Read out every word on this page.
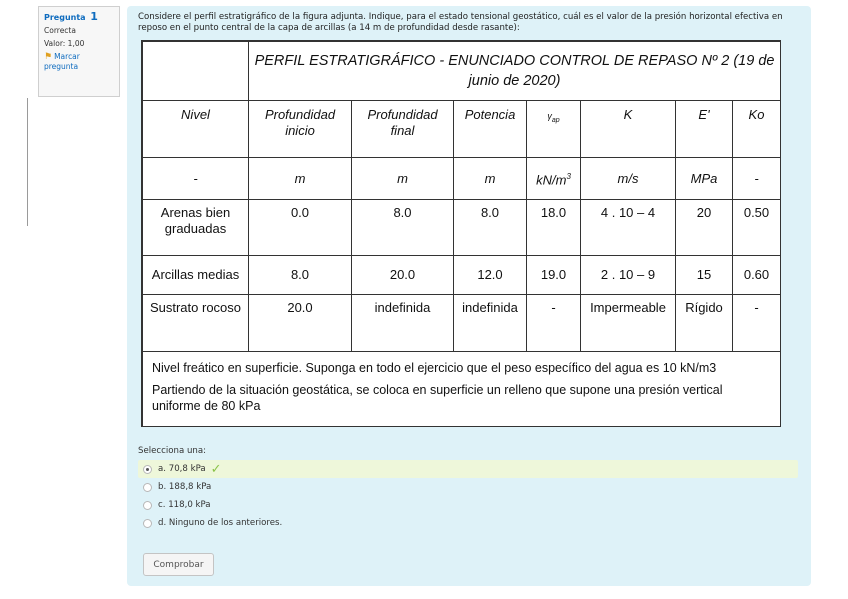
Pregunta 1
Correcta
Valor: 1,00
⚑ Marcar pregunta
Considere el perfil estratigráfico de la figura adjunta. Indique, para el estado tensional geostático, cuál es el valor de la presión horizontal efectiva en reposo en el punto central de la capa de arcillas (a 14 m de profundidad desde rasante):
	PERFIL ESTRATIGRÁFICO - ENUNCIADO CONTROL DE REPASO Nº 2 (19 de junio de 2020)						
Nivel	Profundidad inicio	Profundidad final	Potencia	$\gamma_{ap}$	K	E'	Ko
-	m	m	m	$kN/m^3$	m/s	MPa	-
Arenas bien graduadas	0.0	8.0	8.0	18.0	4 . 10 – 4	20	0.50
Arcillas medias	8.0	20.0	12.0	19.0	2 . 10 – 9	15	0.60
Sustrato rocoso	20.0	indefinida	indefinida	-	Impermeable	Rígido	-

Nivel freático en superficie. Suponga en todo el ejercicio que el peso específico del agua es 10 kN/m3
Partiendo de la situación geostática, se coloca en superficie un relleno que supone una presión vertical uniforme de 80 kPa							
Selecciona una:
a. 70,8 kPa ✓
b. 188,8 kPa
c. 118,0 kPa
d. Ninguno de los anteriores.
Comprobar
